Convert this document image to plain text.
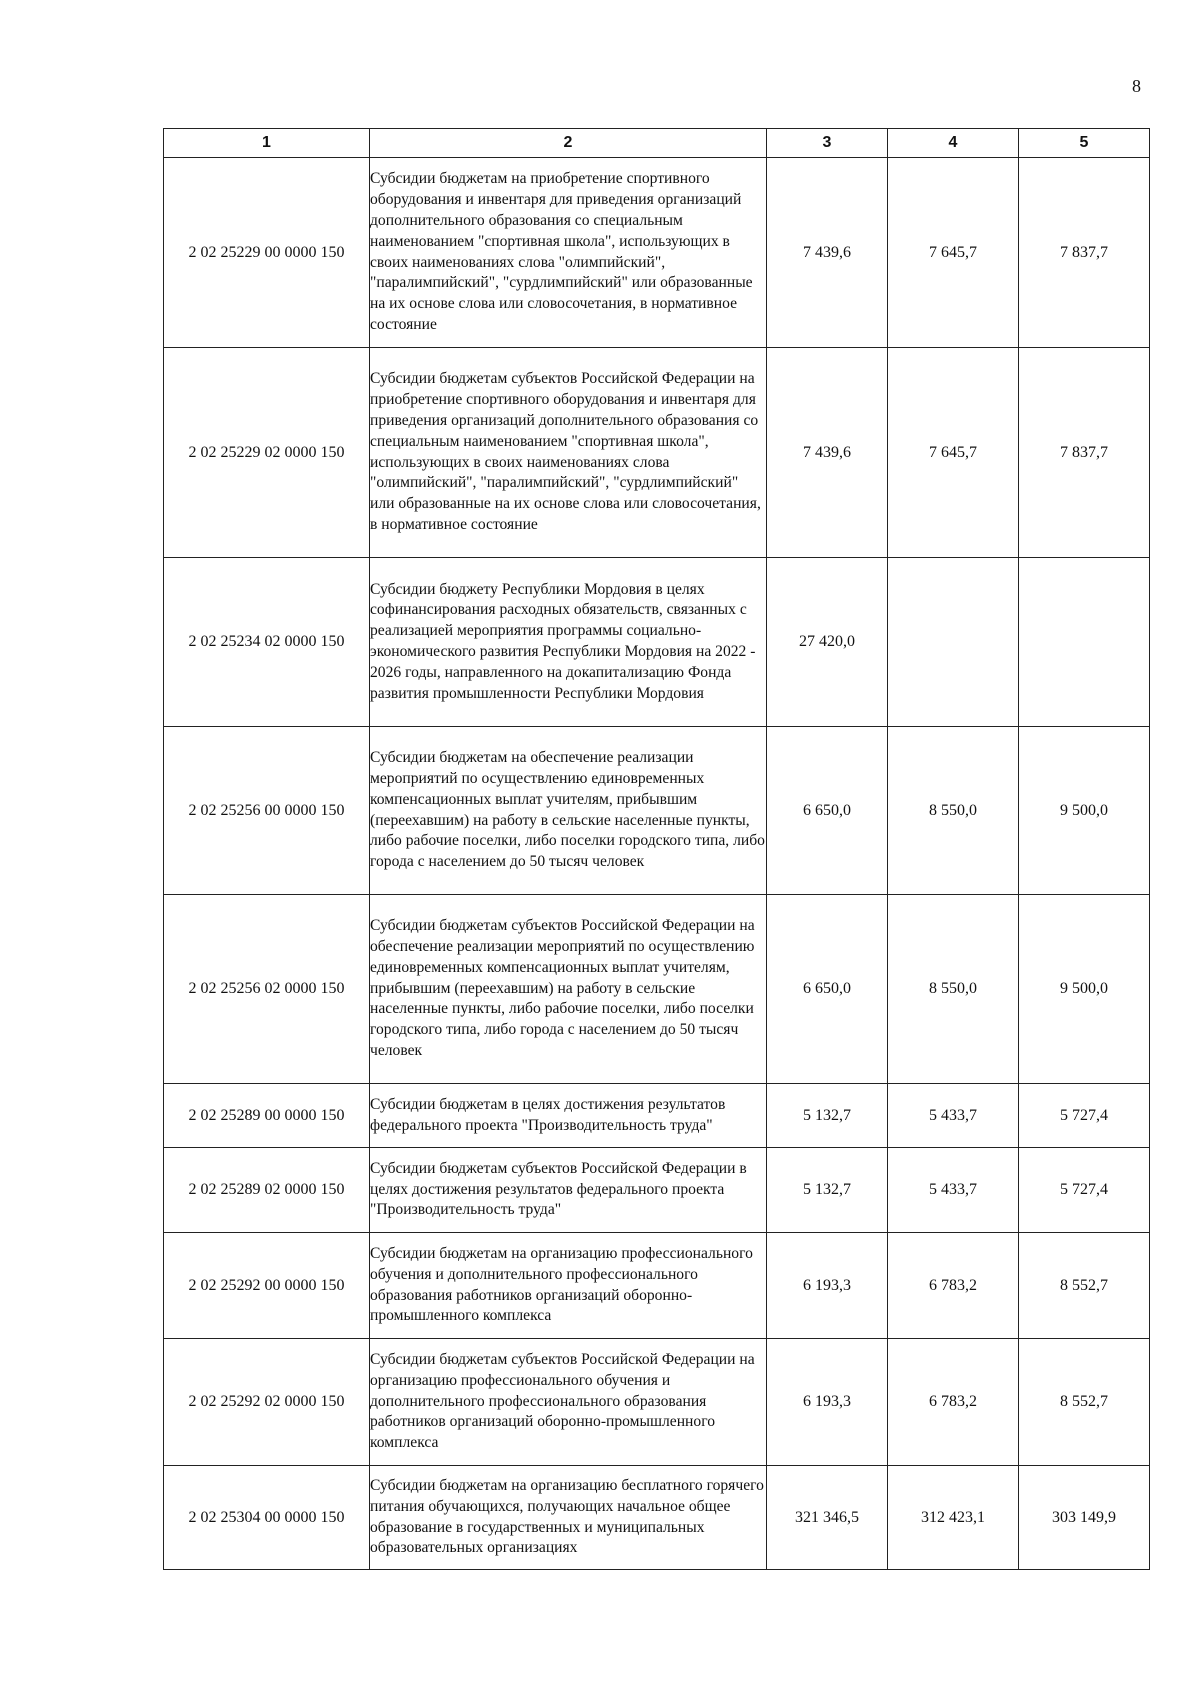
8
1	2	3	4	5
2 02 25229 00 0000 150	Субсидии бюджетам на приобретение спортивного оборудования и инвентаря для приведения организаций дополнительного образования со специальным наименованием "спортивная школа", использующих в своих наименованиях слова "олимпийский", "паралимпийский", "сурдлимпийский" или образованные на их основе слова или словосочетания, в нормативное состояние	7 439,6	7 645,7	7 837,7
2 02 25229 02 0000 150	Субсидии бюджетам субъектов Российской Федерации на приобретение спортивного оборудования и инвентаря для приведения организаций дополнительного образования со специальным наименованием "спортивная школа", использующих в своих наименованиях слова "олимпийский", "паралимпийский", "сурдлимпийский" или образованные на их основе слова или словосочетания, в нормативное состояние	7 439,6	7 645,7	7 837,7
2 02 25234 02 0000 150	Субсидии бюджету Республики Мордовия в целях софинансирования расходных обязательств, связанных с реализацией мероприятия программы социально-экономического развития Республики Мордовия на 2022 - 2026 годы, направленного на докапитализацию Фонда развития промышленности Республики Мордовия	27 420,0		
2 02 25256 00 0000 150	Субсидии бюджетам на обеспечение реализации мероприятий по осуществлению единовременных компенсационных выплат учителям, прибывшим (переехавшим) на работу в сельские населенные пункты, либо рабочие поселки, либо поселки городского типа, либо города с населением до 50 тысяч человек	6 650,0	8 550,0	9 500,0
2 02 25256 02 0000 150	Субсидии бюджетам субъектов Российской Федерации на обеспечение реализации мероприятий по осуществлению единовременных компенсационных выплат учителям, прибывшим (переехавшим) на работу в сельские населенные пункты, либо рабочие поселки, либо поселки городского типа, либо города с населением до 50 тысяч человек	6 650,0	8 550,0	9 500,0
2 02 25289 00 0000 150	Субсидии бюджетам в целях достижения результатов федерального проекта "Производительность труда"	5 132,7	5 433,7	5 727,4
2 02 25289 02 0000 150	Субсидии бюджетам субъектов Российской Федерации в целях достижения результатов федерального проекта "Производительность труда"	5 132,7	5 433,7	5 727,4
2 02 25292 00 0000 150	Субсидии бюджетам на организацию профессионального обучения и дополнительного профессионального образования работников организаций оборонно-промышленного комплекса	6 193,3	6 783,2	8 552,7
2 02 25292 02 0000 150	Субсидии бюджетам субъектов Российской Федерации на организацию профессионального обучения и дополнительного профессионального образования работников организаций оборонно-промышленного комплекса	6 193,3	6 783,2	8 552,7
2 02 25304 00 0000 150	Субсидии бюджетам на организацию бесплатного горячего питания обучающихся, получающих начальное общее образование в государственных и муниципальных образовательных организациях	321 346,5	312 423,1	303 149,9
